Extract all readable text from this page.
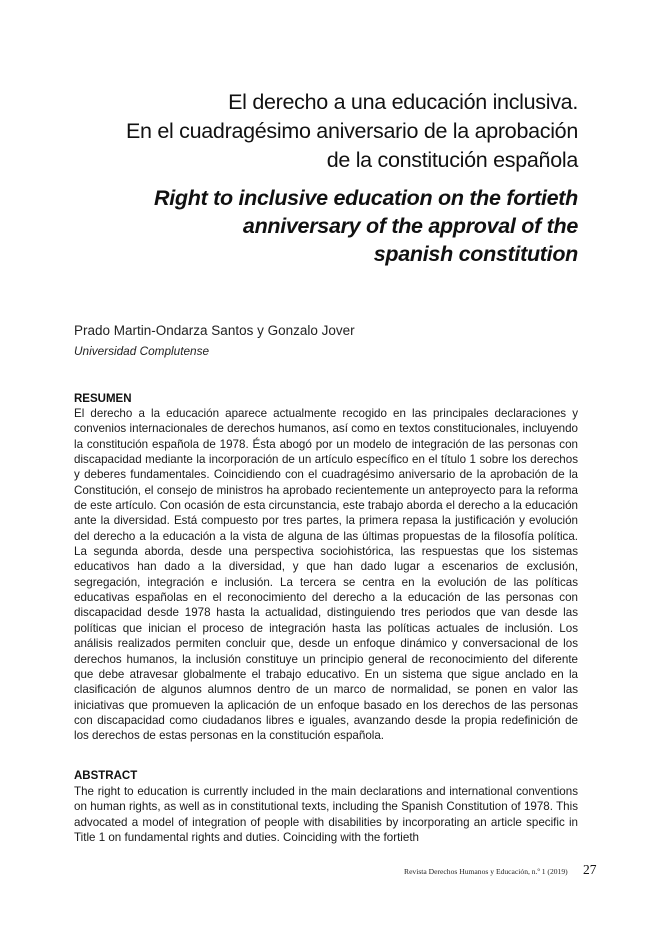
El derecho a una educación inclusiva.
En el cuadragésimo aniversario de la aprobación
de la constitución española
Right to inclusive education on the fortieth
anniversary of the approval of the
spanish constitution
Prado Martin-Ondarza Santos y Gonzalo Jover
Universidad Complutense
RESUMEN

El derecho a la educación aparece actualmente recogido en las principales declaraciones y convenios internacionales de derechos humanos, así como en textos constitucionales, incluyendo la constitución española de 1978. Ésta abogó por un modelo de integración de las personas con discapacidad mediante la incorporación de un artículo específico en el título 1 sobre los derechos y deberes fundamentales. Coincidiendo con el cuadragésimo aniversario de la aprobación de la Constitución, el consejo de ministros ha aprobado recientemente un anteproyecto para la reforma de este artículo. Con ocasión de esta circunstancia, este trabajo aborda el derecho a la educación ante la diversidad. Está compuesto por tres partes, la primera repasa la justificación y evolución del derecho a la educación a la vista de alguna de las últimas propuestas de la filosofía política. La segunda aborda, desde una perspectiva sociohistórica, las respuestas que los sistemas educativos han dado a la diversidad, y que han dado lugar a escenarios de exclusión, segregación, integración e inclusión. La tercera se centra en la evolución de las políticas educativas españolas en el reconocimiento del derecho a la educación de las personas con discapacidad desde 1978 hasta la actualidad, distinguiendo tres periodos que van desde las políticas que inician el proceso de integración hasta las políticas actuales de inclusión. Los análisis realizados permiten concluir que, desde un enfoque dinámico y conversacional de los derechos humanos, la inclusión constituye un principio general de reconocimiento del diferente que debe atravesar globalmente el trabajo educativo. En un sistema que sigue anclado en la clasificación de algunos alumnos dentro de un marco de normalidad, se ponen en valor las iniciativas que promueven la aplicación de un enfoque basado en los derechos de las personas con discapacidad como ciudadanos libres e iguales, avanzando desde la propia redefinición de los derechos de estas personas en la constitución española.

ABSTRACT

The right to education is currently included in the main declarations and international conventions on human rights, as well as in constitutional texts, including the Spanish Constitution of 1978. This advocated a model of integration of people with disabilities by incorporating an article specific in Title 1 on fundamental rights and duties. Coinciding with the fortieth

Revista Derechos Humanos y Educación, n.º 1 (2019) 27
